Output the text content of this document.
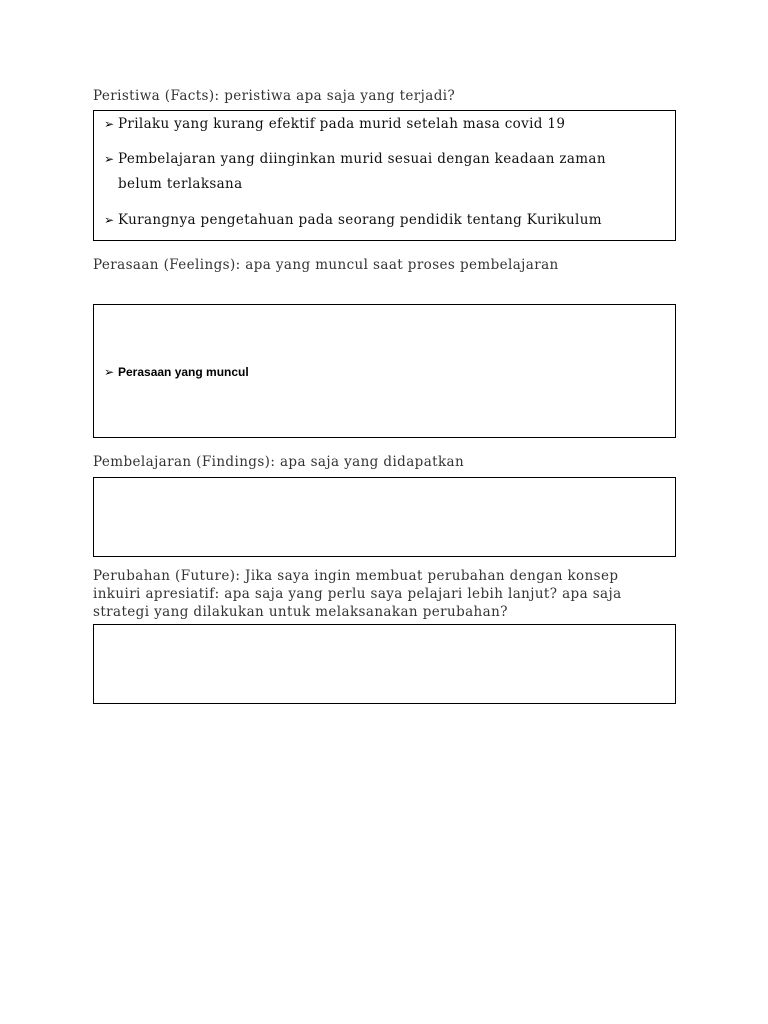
Peristiwa (Facts): peristiwa apa saja yang terjadi?
➢ Prilaku yang kurang efektif pada murid setelah masa covid 19
➢ Pembelajaran yang diinginkan murid sesuai dengan keadaan zaman
belum terlaksana
➢ Kurangnya pengetahuan pada seorang pendidik tentang Kurikulum
Perasaan (Feelings): apa yang muncul saat proses pembelajaran
➢ Perasaan yang muncul
Pembelajaran (Findings): apa saja yang didapatkan
Perubahan (Future): Jika saya ingin membuat perubahan dengan konsep
inkuiri apresiatif: apa saja yang perlu saya pelajari lebih lanjut? apa saja
strategi yang dilakukan untuk melaksanakan perubahan?
